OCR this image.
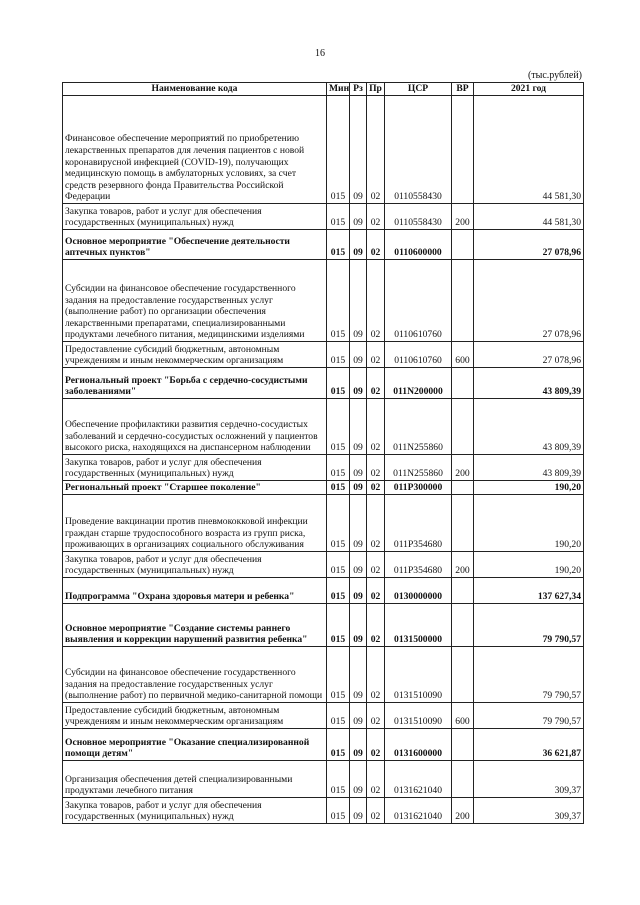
16
(тыс.рублей)
Наименование кода	Мин	Рз	Пр	ЦСР	ВР	2021 год
Финансовое обеспечение мероприятий по приобретению лекарственных препаратов для лечения пациентов с новой коронавирусной инфекцией (COVID-19), получающих медицинскую помощь в амбулаторных условиях, за счет средств резервного фонда Правительства Российской Федерации	015	09	02	0110558430		44 581,30
Закупка товаров, работ и услуг для обеспечения государственных (муниципальных) нужд	015	09	02	0110558430	200	44 581,30
Основное мероприятие "Обеспечение деятельности аптечных пунктов"	015	09	02	0110600000		27 078,96
Субсидии на финансовое обеспечение государственного задания на предоставление государственных услуг (выполнение работ) по организации обеспечения лекарственными препаратами, специализированными продуктами лечебного питания, медицинскими изделиями	015	09	02	0110610760		27 078,96
Предоставление субсидий бюджетным, автономным учреждениям и иным некоммерческим организациям	015	09	02	0110610760	600	27 078,96
Региональный проект "Борьба с сердечно-сосудистыми заболеваниями"	015	09	02	011N200000		43 809,39
Обеспечение профилактики развития сердечно-сосудистых заболеваний и сердечно-сосудистых осложнений у пациентов высокого риска, находящихся на диспансерном наблюдении	015	09	02	011N255860		43 809,39
Закупка товаров, работ и услуг для обеспечения государственных (муниципальных) нужд	015	09	02	011N255860	200	43 809,39
Региональный проект "Старшее поколение"	015	09	02	011P300000		190,20
Проведение вакцинации против пневмококковой инфекции граждан старше трудоспособного возраста из групп риска, проживающих в организациях социального обслуживания	015	09	02	011P354680		190,20
Закупка товаров, работ и услуг для обеспечения государственных (муниципальных) нужд	015	09	02	011P354680	200	190,20
Подпрограмма "Охрана здоровья матери и ребенка"	015	09	02	0130000000		137 627,34
Основное мероприятие "Создание системы раннего выявления и коррекции нарушений развития ребенка"	015	09	02	0131500000		79 790,57
Субсидии на финансовое обеспечение государственного задания на предоставление государственных услуг (выполнение работ) по первичной медико-санитарной помощи	015	09	02	0131510090		79 790,57
Предоставление субсидий бюджетным, автономным учреждениям и иным некоммерческим организациям	015	09	02	0131510090	600	79 790,57
Основное мероприятие "Оказание специализированной помощи детям"	015	09	02	0131600000		36 621,87
Организация обеспечения детей специализированными продуктами лечебного питания	015	09	02	0131621040		309,37
Закупка товаров, работ и услуг для обеспечения государственных (муниципальных) нужд	015	09	02	0131621040	200	309,37
